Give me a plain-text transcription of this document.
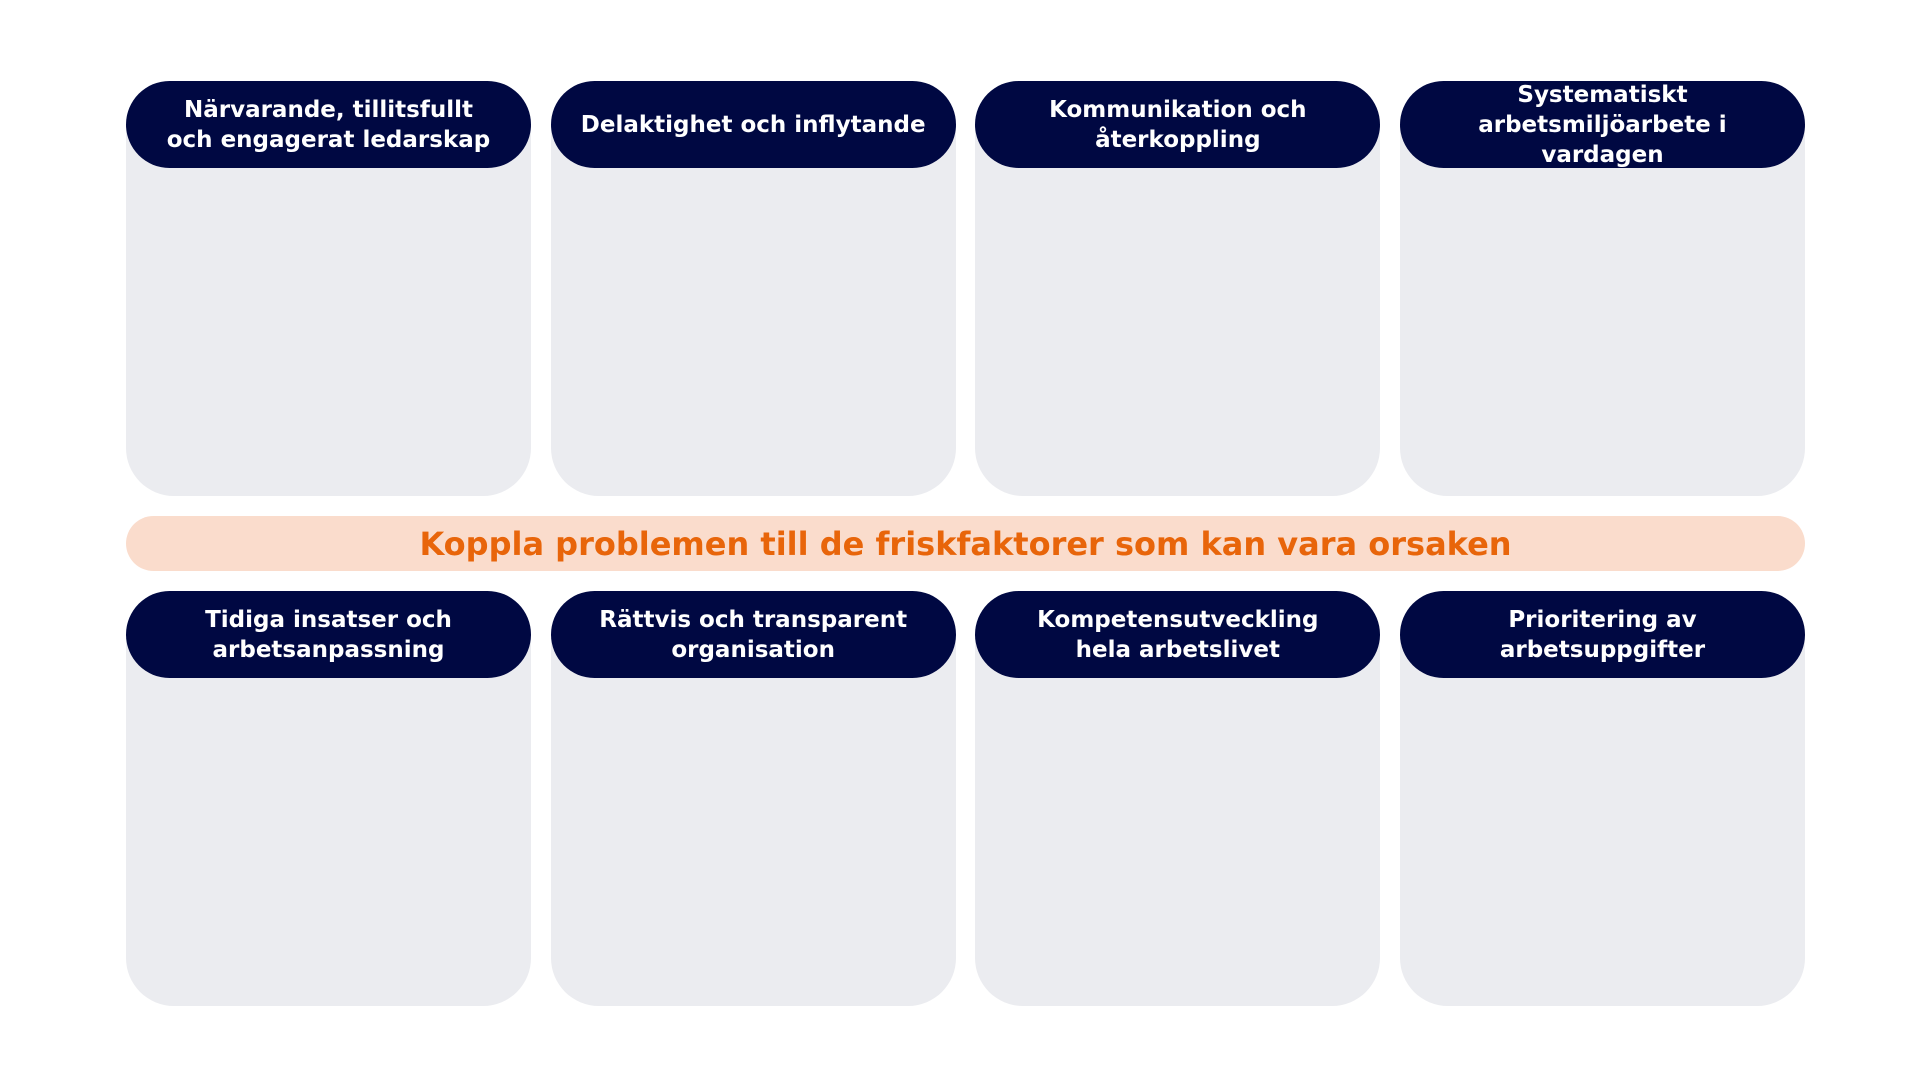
Närvarande, tillitsfullt
och engagerat ledarskap
Delaktighet och inflytande
Kommunikation och
återkoppling
Systematiskt
arbetsmiljöarbete i vardagen
Koppla problemen till de friskfaktorer som kan vara orsaken
Tidiga insatser och
arbetsanpassning
Rättvis och transparent
organisation
Kompetensutveckling
hela arbetslivet
Prioritering av
arbetsuppgifter
